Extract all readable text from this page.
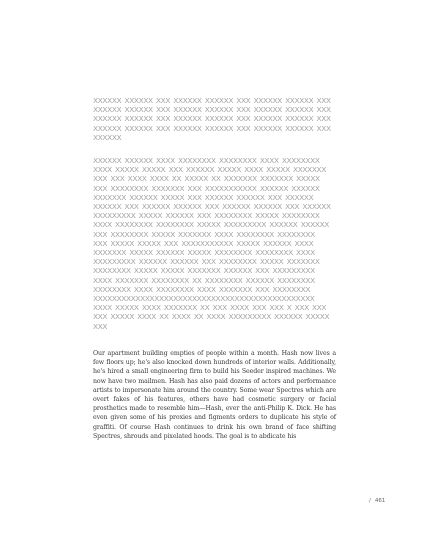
XXXXXX XXXXXX XXX XXXXXX XXXXXX XXX XXXXXX XXXXXX XXX
XXXXXX XXXXXX XXX XXXXXX XXXXXX XXX XXXXXX XXXXXX XXX
XXXXXX XXXXXX XXX XXXXXX XXXXXX XXX XXXXXX XXXXXX XXX
XXXXXX XXXXXX XXX XXXXXX XXXXXX XXX XXXXXX XXXXXX XXX
XXXXXX

XXXXXX XXXXXX XXXX XXXXXXXX XXXXXXXX XXXX XXXXXXXX
XXXX XXXXX XXXXX XXX XXXXXX XXXXX XXXX XXXXX XXXXXXX
XXX XXX XXXX XXXX XX XXXXX XX XXXXXXX XXXXXXX XXXXX
XXX XXXXXXXX XXXXXXX XXX XXXXXXXXXXX XXXXXX XXXXXX
XXXXXXX XXXXXX XXXXX XXX XXXXXX XXXXXX XXX XXXXXX
XXXXXX XXX XXXXXX XXXXXX XXX XXXXXX XXXXXX XXX XXXXXX
XXXXXXXXX XXXXX XXXXXX XXX XXXXXXXX XXXXX XXXXXXXX
XXXX XXXXXXXX XXXXXXXX XXXXX XXXXXXXXX XXXXXX XXXXXX
XXX XXXXXXXX XXXXX XXXXXXX XXXX XXXXXXXX XXXXXXXX
XXX XXXXX XXXXX XXX XXXXXXXXXXX XXXXX XXXXXX XXXX
XXXXXXX XXXXX XXXXXX XXXXX XXXXXXXX XXXXXXXX XXXX
XXXXXXXXX XXXXXX XXXXXX XXX XXXXXXXX XXXXX XXXXXXX
XXXXXXXX XXXXX XXXXX XXXXXXX XXXXXX XXX XXXXXXXXX
XXXX XXXXXXX XXXXXXXX XX XXXXXXXX XXXXXX XXXXXXXX
XXXXXXXX XXXX XXXXXXXX XXXX XXXXXXX XXX XXXXXXXX
XXXXXXXXXXXXXXXXXXXXXXXXXXXXXXXXXXXXXXXXXXXXXXX
XXXX XXXXX XXXX XXXXXXX XX XXX XXXX XXX XXX X XXX XXX
XXX XXXXX XXXX XX XXXX XX XXXX XXXXXXXXX XXXXXX XXXXX
XXX

Our apartment building empties of people within a month. Hash now lives a few floors up; he's also knocked down hundreds of interior walls. Additionally, he's hired a small engineering firm to build his Seeder inspired machines. We now have two mailmen. Hash has also paid dozens of actors and performance artists to impersonate him around the country. Some wear Spectres which are overt fakes of his features, others have had cosmetic surgery or facial prosthetics made to resemble him—Hash, ever the anti-Philip K. Dick. He has even given some of his proxies and figments orders to duplicate his style of graffiti. Of course Hash continues to drink his own brand of face shifting Spectres, shrouds and pixelated hoods. The goal is to abdicate his

/ 461
